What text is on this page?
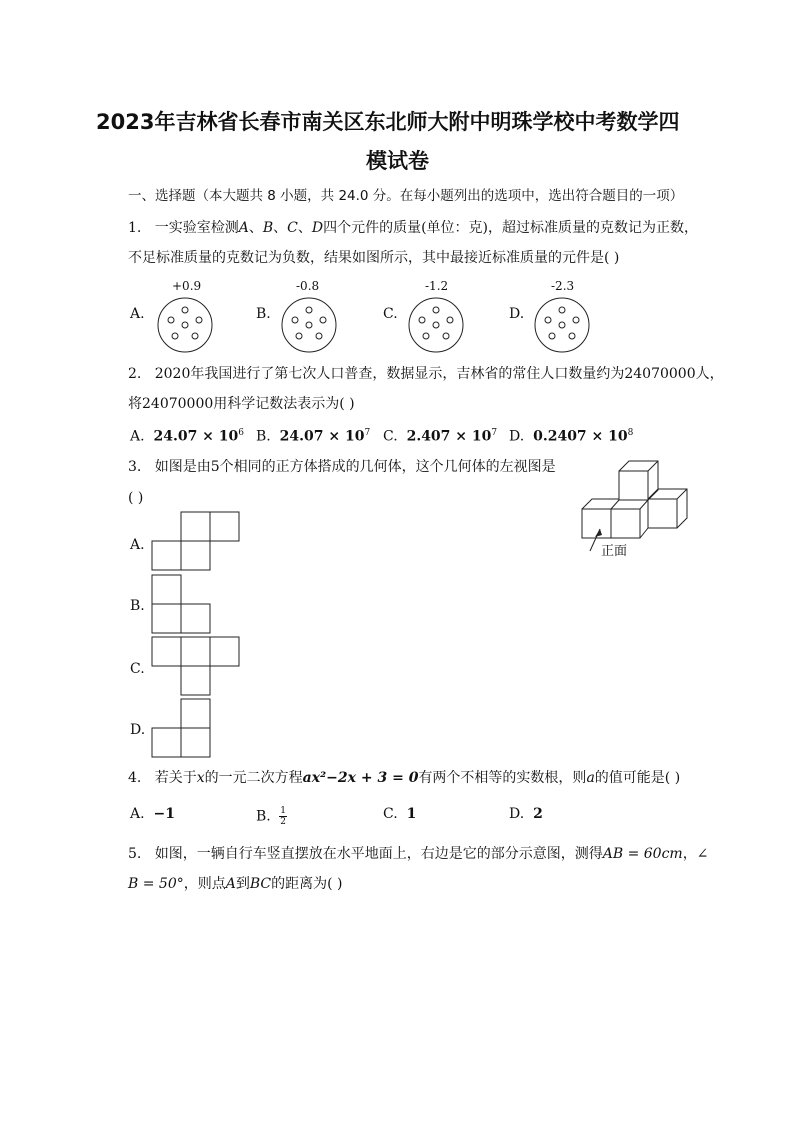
2023年吉林省长春市南关区东北师大附中明珠学校中考数学四
模试卷
一、选择题（本大题共 8 小题，共 24.0 分。在每小题列出的选项中，选出符合题目的一项）
1. 一实验室检测A、B、C、D四个元件的质量(单位：克)，超过标准质量的克数记为正数，
不足标准质量的克数记为负数，结果如图所示，其中最接近标准质量的元件是( )
A.
+0.9
B.
-0.8
C.
-1.2
D.
-2.3
2. 2020年我国进行了第七次人口普查，数据显示，吉林省的常住人口数量约为24070000人，
将24070000用科学记数法表示为( )
A. $24.07 \times 10^6$ B. $24.07 \times 10^7$ C. $2.407 \times 10^7$ D. $0.2407 \times 10^8$
3. 如图是由5个相同的正方体搭成的几何体，这个几何体的左视图是
( )
正面
A.
B.
C.
D.
4. 若关于x的一元二次方程ax²−2x + 3 = 0有两个不相等的实数根，则a的值可能是( )
A. −1	B. $\frac{1}{2}$	C. 1	D. 2
5. 如图，一辆自行车竖直摆放在水平地面上，右边是它的部分示意图，测得AB = 60cm，∠
B = 50°，则点A到BC的距离为( )
